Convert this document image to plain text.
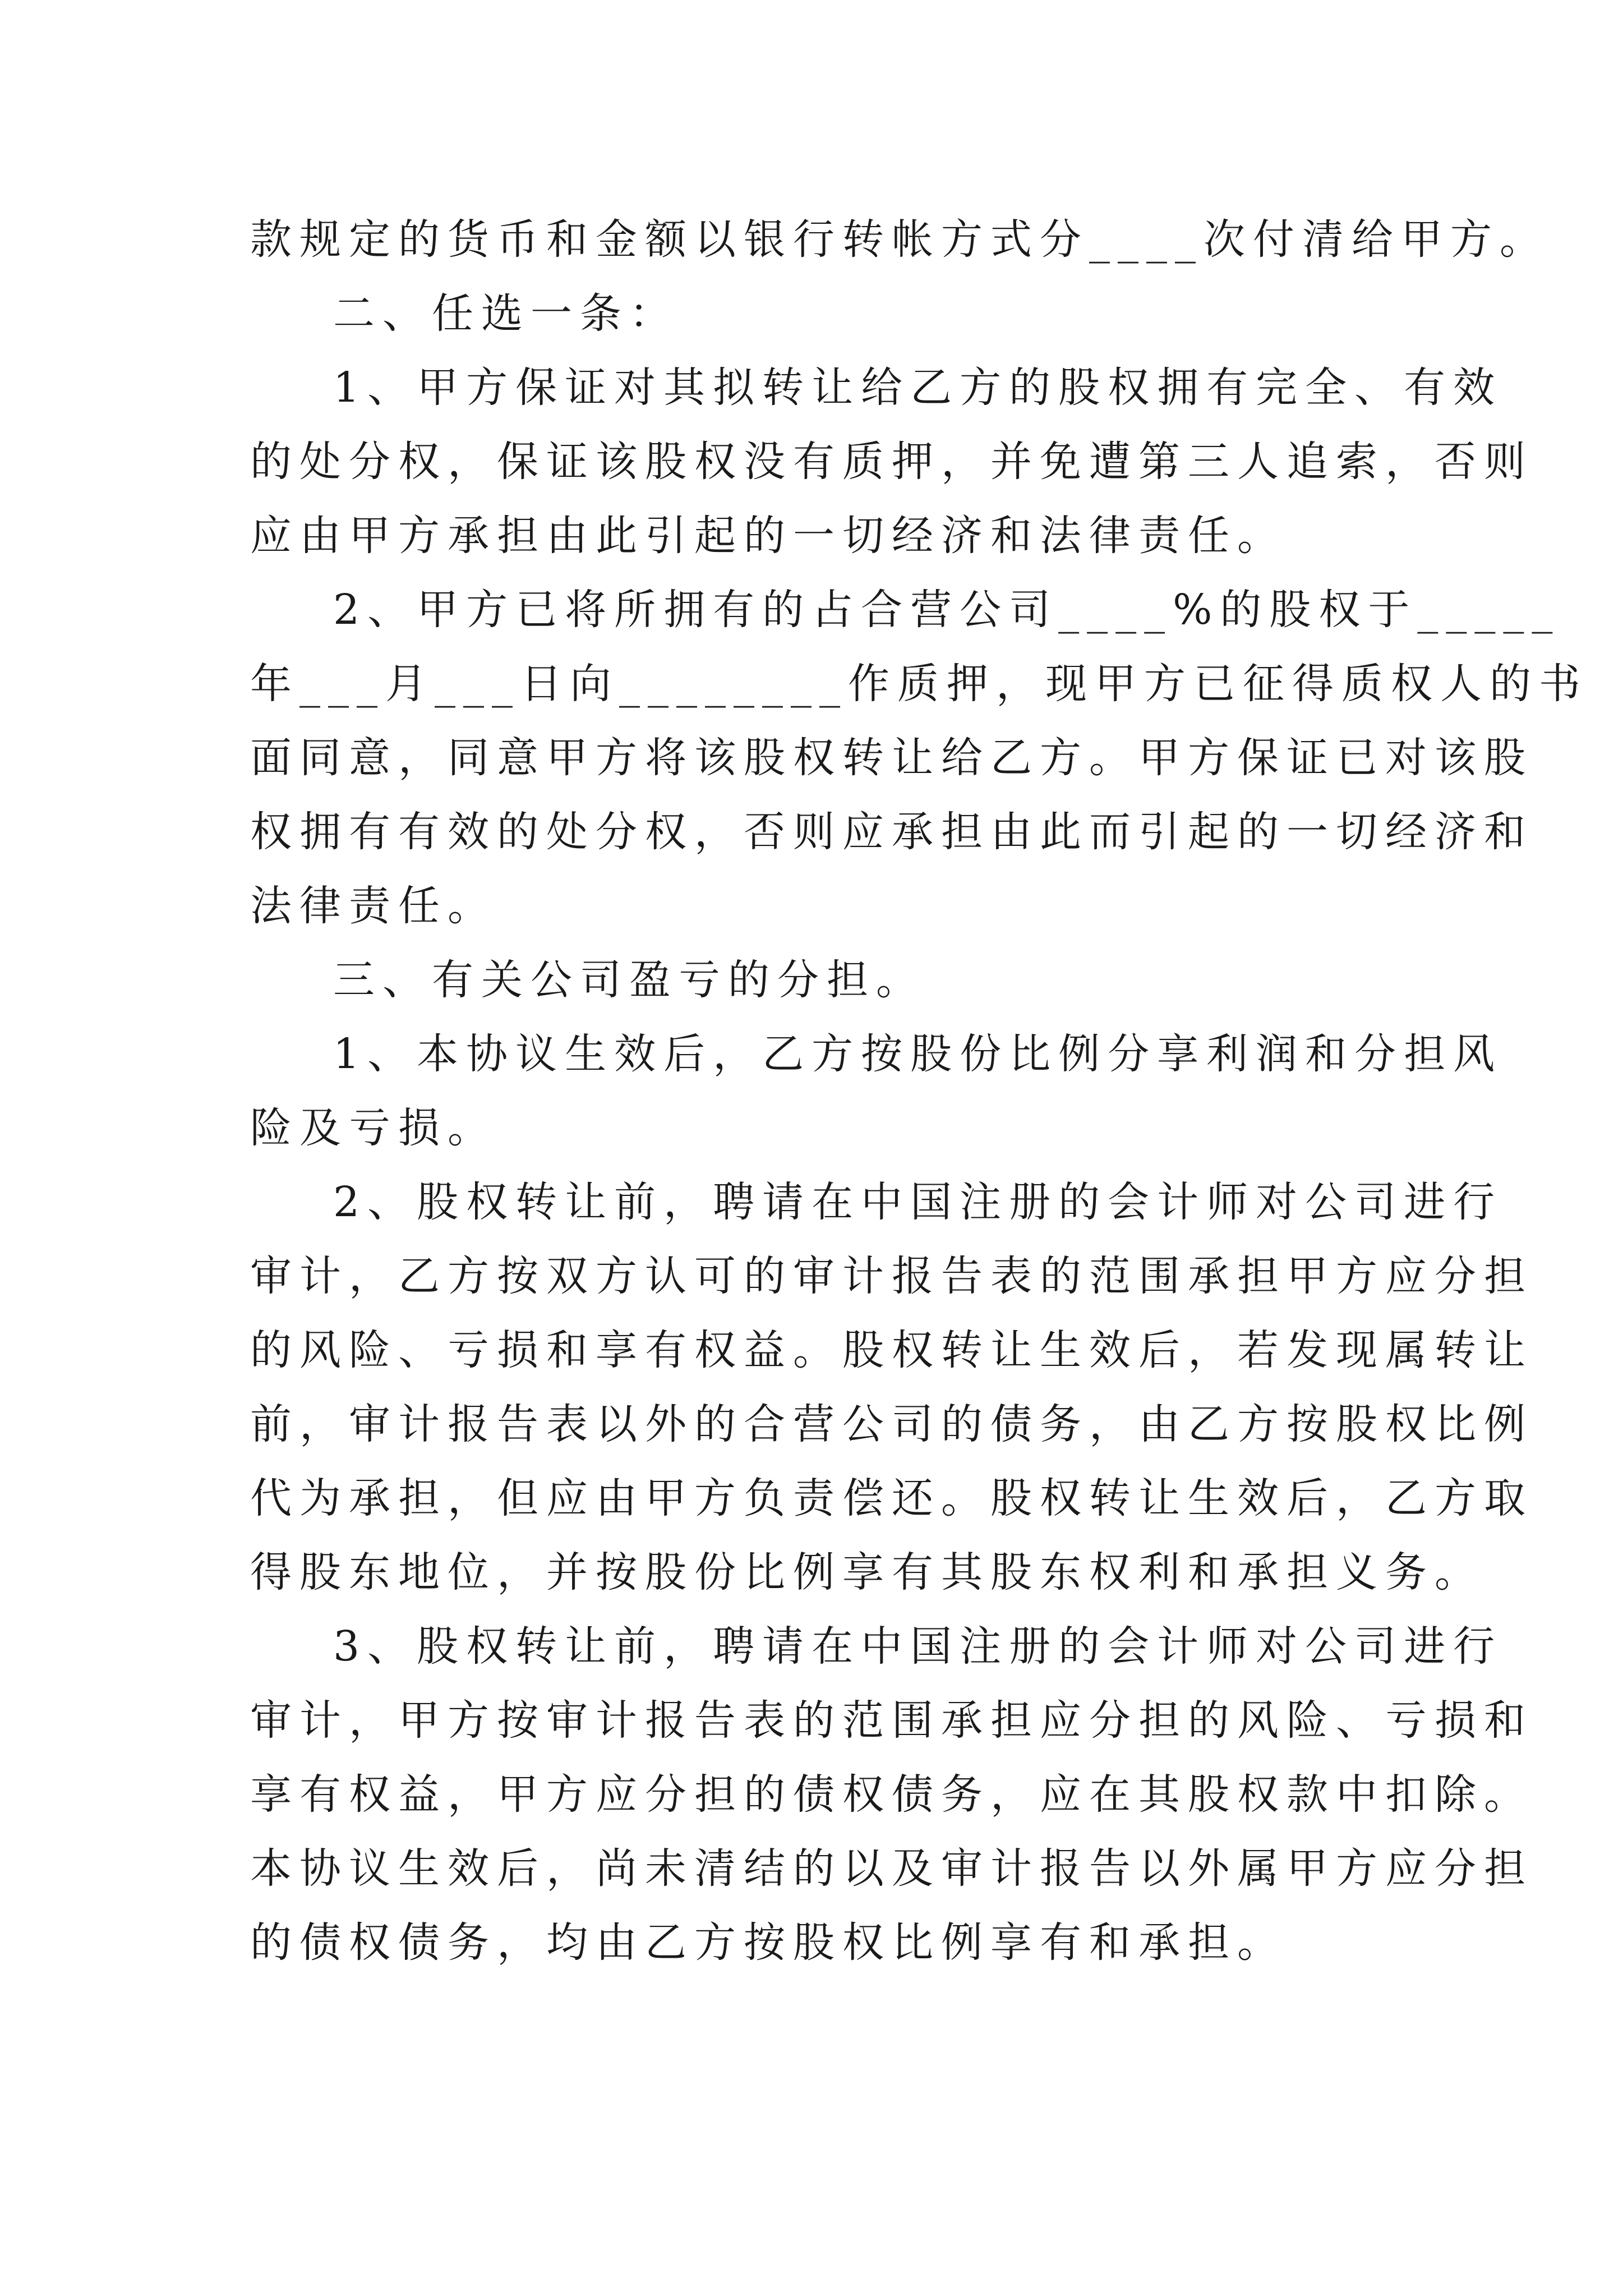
款规定的货币和金额以银行转帐方式分____次付清给甲方。
二、任选一条：
1、甲方保证对其拟转让给乙方的股权拥有完全、有效
的处分权，保证该股权没有质押，并免遭第三人追索，否则
应由甲方承担由此引起的一切经济和法律责任。
2、甲方已将所拥有的占合营公司____%的股权于_____
年___月___日向________作质押，现甲方已征得质权人的书
面同意，同意甲方将该股权转让给乙方。甲方保证已对该股
权拥有有效的处分权，否则应承担由此而引起的一切经济和
法律责任。
三、有关公司盈亏的分担。
1、本协议生效后，乙方按股份比例分享利润和分担风
险及亏损。
2、股权转让前，聘请在中国注册的会计师对公司进行
审计，乙方按双方认可的审计报告表的范围承担甲方应分担
的风险、亏损和享有权益。股权转让生效后，若发现属转让
前，审计报告表以外的合营公司的债务，由乙方按股权比例
代为承担，但应由甲方负责偿还。股权转让生效后，乙方取
得股东地位，并按股份比例享有其股东权利和承担义务。
3、股权转让前，聘请在中国注册的会计师对公司进行
审计，甲方按审计报告表的范围承担应分担的风险、亏损和
享有权益，甲方应分担的债权债务，应在其股权款中扣除。
本协议生效后，尚未清结的以及审计报告以外属甲方应分担
的债权债务，均由乙方按股权比例享有和承担。
